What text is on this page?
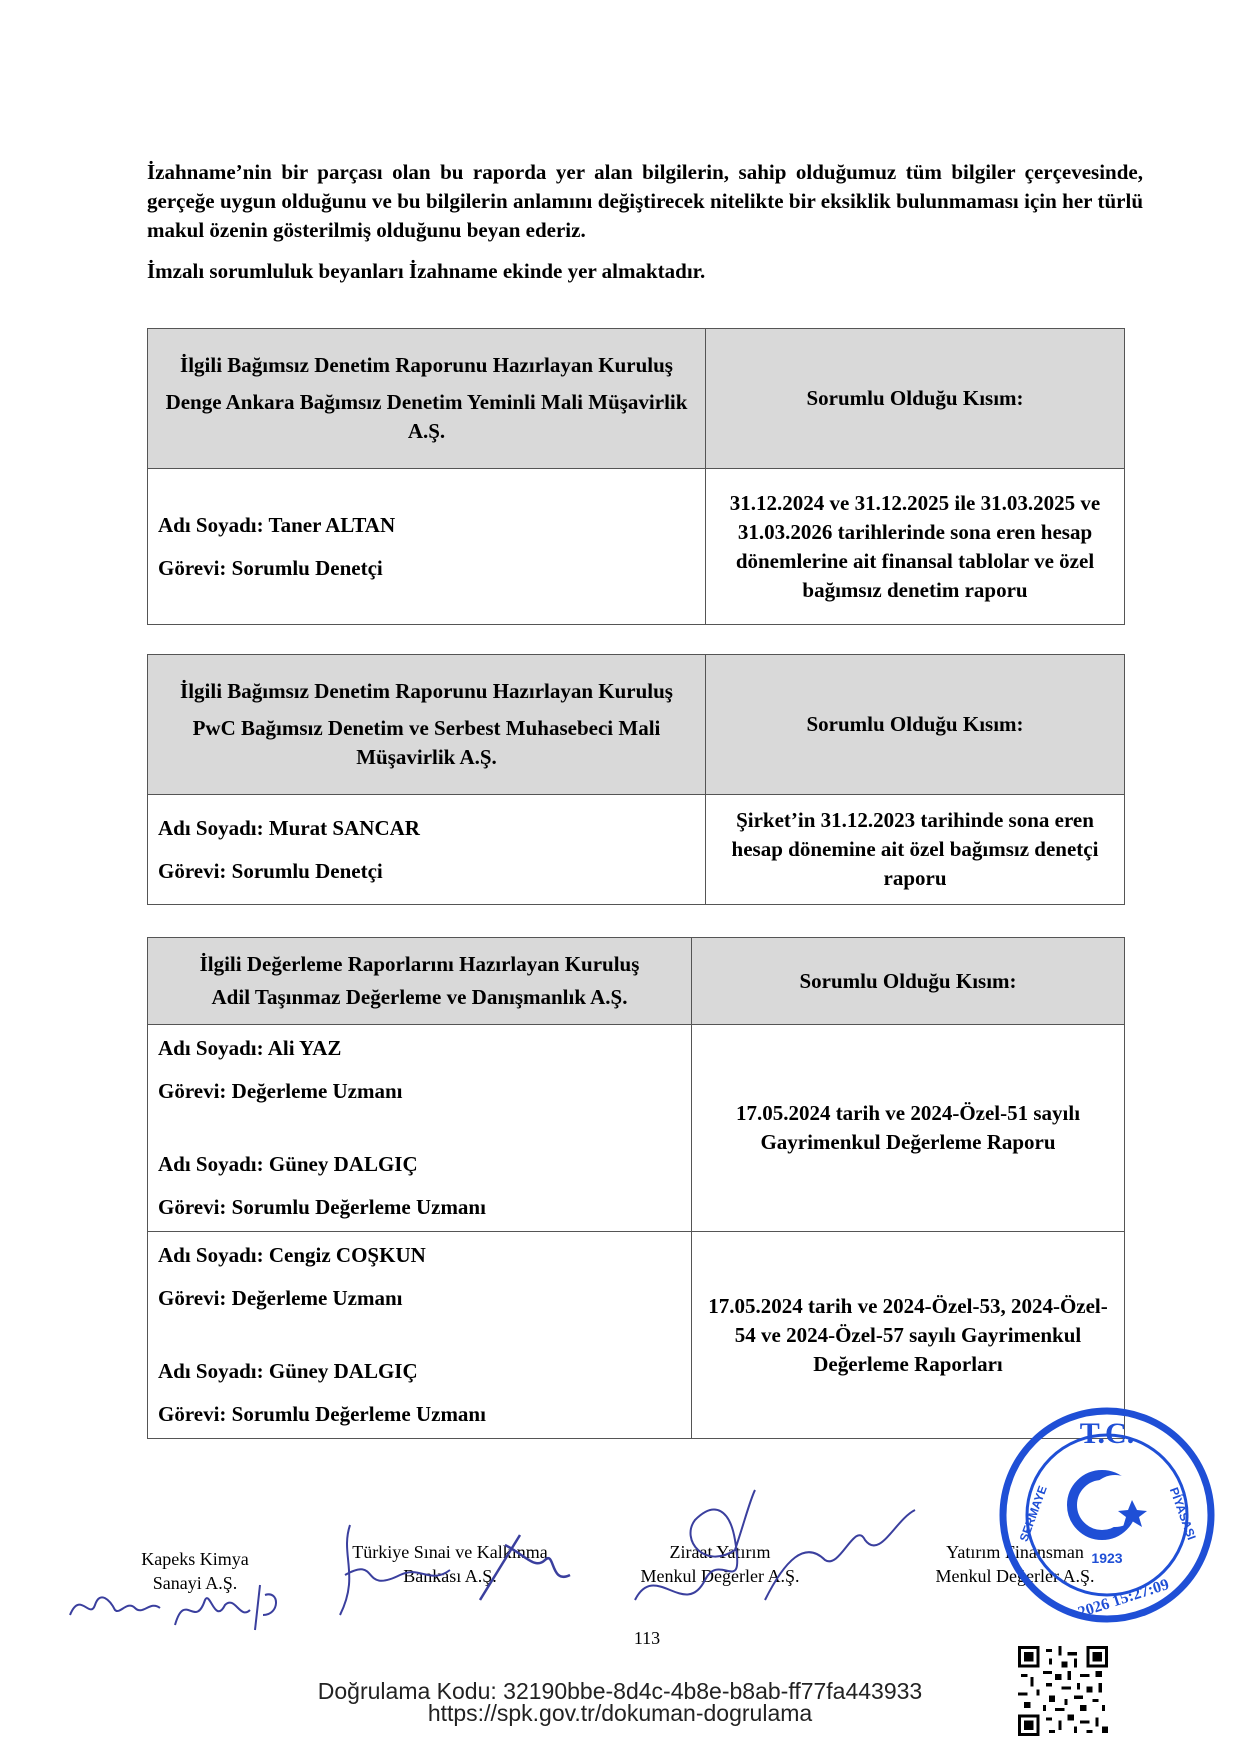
İzahname’nin bir parçası olan bu raporda yer alan bilgilerin, sahip olduğumuz tüm bilgiler çerçevesinde, gerçeğe uygun olduğunu ve bu bilgilerin anlamını değiştirecek nitelikte bir eksiklik bulunmaması için her türlü makul özenin gösterilmiş olduğunu beyan ederiz.

İmzalı sorumluluk beyanları İzahname ekinde yer almaktadır.

İlgili Bağımsız Denetim Raporunu Hazırlayan Kuruluş
Denge Ankara Bağımsız Denetim Yeminli Mali Müşavirlik A.Ş.	Sorumlu Olduğu Kısım:

Adı Soyadı: Taner ALTAN
Görevi: Sorumlu Denetçi	31.12.2024 ve 31.12.2025 ile 31.03.2025 ve 31.03.2026 tarihlerinde sona eren hesap dönemlerine ait finansal tablolar ve özel bağımsız denetim raporu
İlgili Bağımsız Denetim Raporunu Hazırlayan Kuruluş
PwC Bağımsız Denetim ve Serbest Muhasebeci Mali Müşavirlik A.Ş.	Sorumlu Olduğu Kısım:

Adı Soyadı: Murat SANCAR
Görevi: Sorumlu Denetçi	Şirket’in 31.12.2023 tarihinde sona eren hesap dönemine ait özel bağımsız denetçi raporu
İlgili Değerleme Raporlarını Hazırlayan Kuruluş
Adil Taşınmaz Değerleme ve Danışmanlık A.Ş.	Sorumlu Olduğu Kısım:

Adı Soyadı: Ali YAZ
Görevi: Değerleme Uzmanı
Adı Soyadı: Güney DALGIÇ
Görevi: Sorumlu Değerleme Uzmanı	17.05.2024 tarih ve 2024-Özel-51 sayılı Gayrimenkul Değerleme Raporu

Adı Soyadı: Cengiz COŞKUN
Görevi: Değerleme Uzmanı
Adı Soyadı: Güney DALGIÇ
Görevi: Sorumlu Değerleme Uzmanı	17.05.2024 tarih ve 2024-Özel-53, 2024-Özel-54 ve 2024-Özel-57 sayılı Gayrimenkul Değerleme Raporları
Kapeks Kimya
Sanayi A.Ş.
Türkiye Sınai ve Kalkınma
Bankası A.Ş.
Ziraat Yatırım
Menkul Değerler A.Ş.
Yatırım Finansman
Menkul Değerler A.Ş.
T.C.
SERMAYE	PİYASASI
1923
2026 15:27:09
113
Doğrulama Kodu: 32190bbe-8d4c-4b8e-b8ab-ff77fa443933
https://spk.gov.tr/dokuman-dogrulama
